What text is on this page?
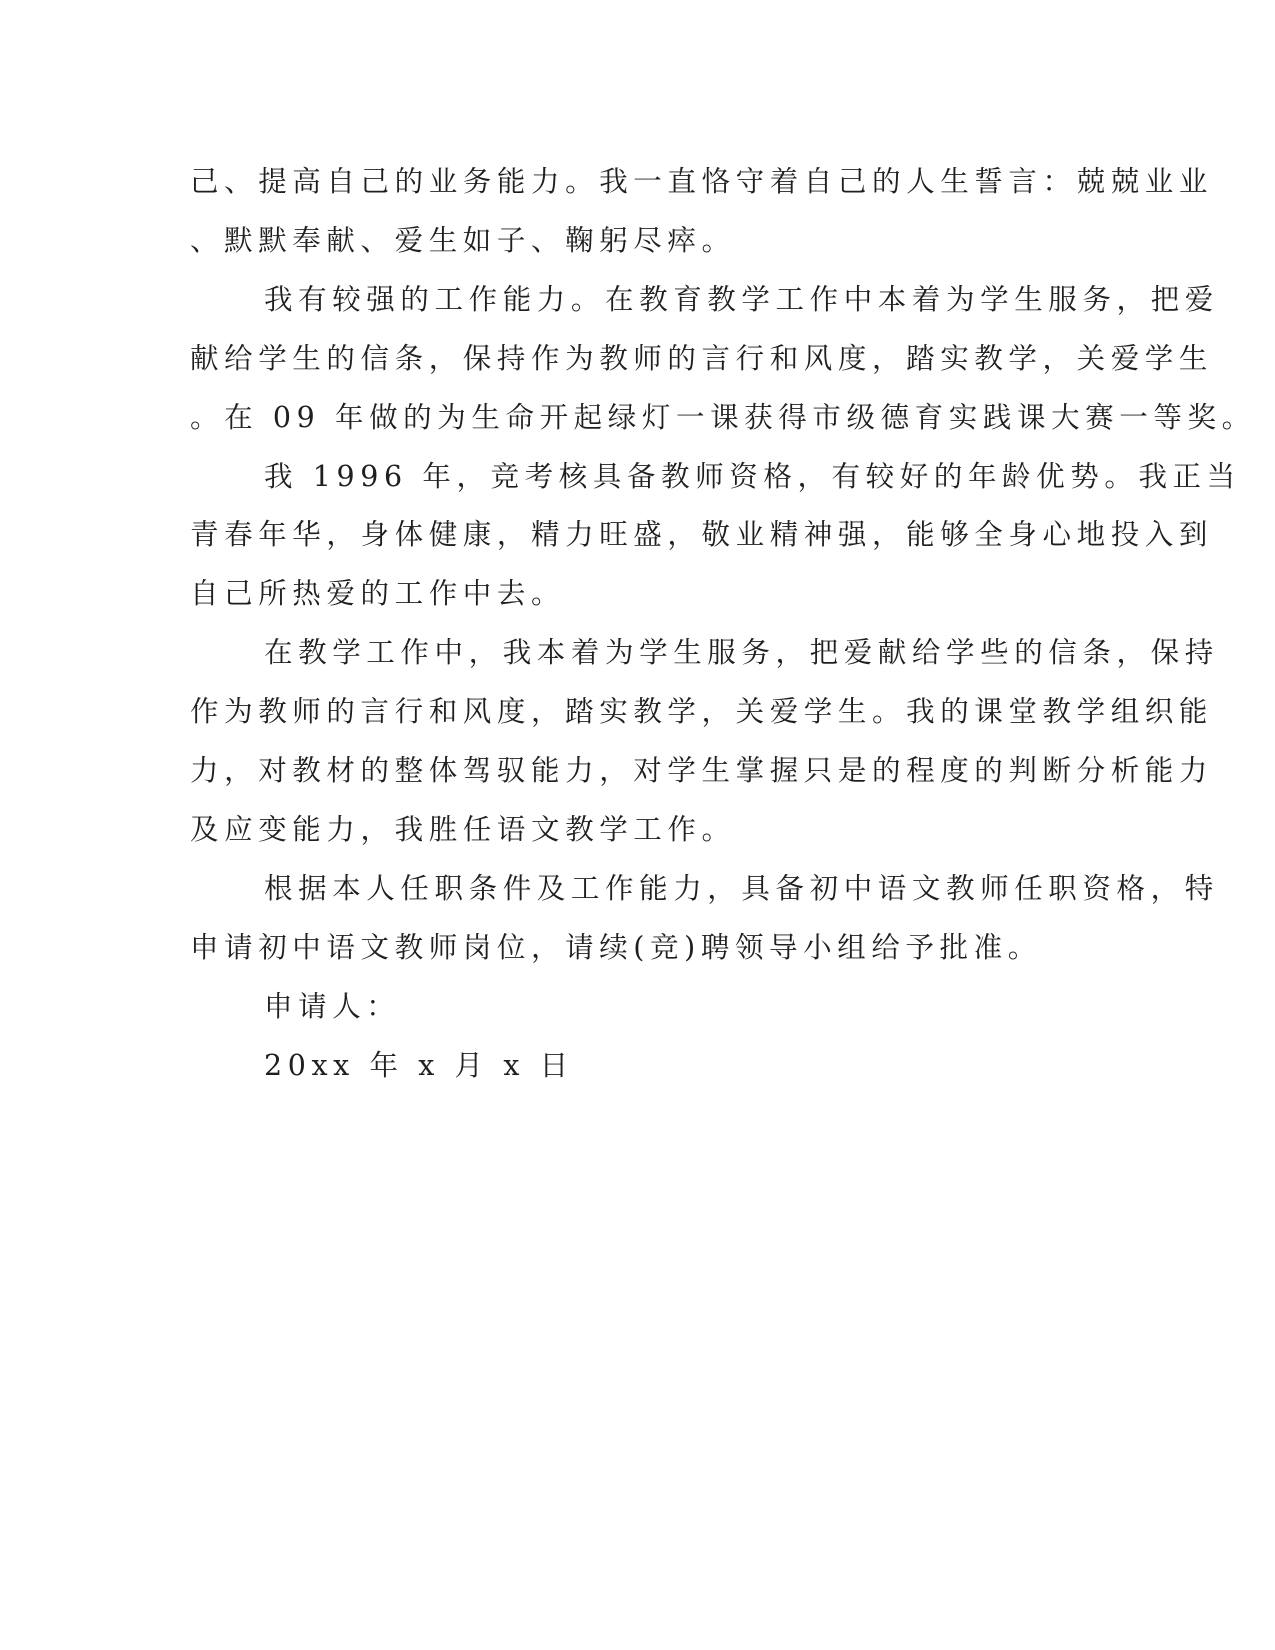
己、提高自己的业务能力。我一直恪守着自己的人生誓言：兢兢业业
、默默奉献、爱生如子、鞠躬尽瘁。
我有较强的工作能力。在教育教学工作中本着为学生服务，把爱
献给学生的信条，保持作为教师的言行和风度，踏实教学，关爱学生
。在 09 年做的为生命开起绿灯一课获得市级德育实践课大赛一等奖。
我 1996 年，竞考核具备教师资格，有较好的年龄优势。我正当
青春年华，身体健康，精力旺盛，敬业精神强，能够全身心地投入到
自己所热爱的工作中去。
在教学工作中，我本着为学生服务，把爱献给学些的信条，保持
作为教师的言行和风度，踏实教学，关爱学生。我的课堂教学组织能
力，对教材的整体驾驭能力，对学生掌握只是的程度的判断分析能力
及应变能力，我胜任语文教学工作。
根据本人任职条件及工作能力，具备初中语文教师任职资格，特
申请初中语文教师岗位，请续(竞)聘领导小组给予批准。
申请人：
20xx 年 x 月 x 日
